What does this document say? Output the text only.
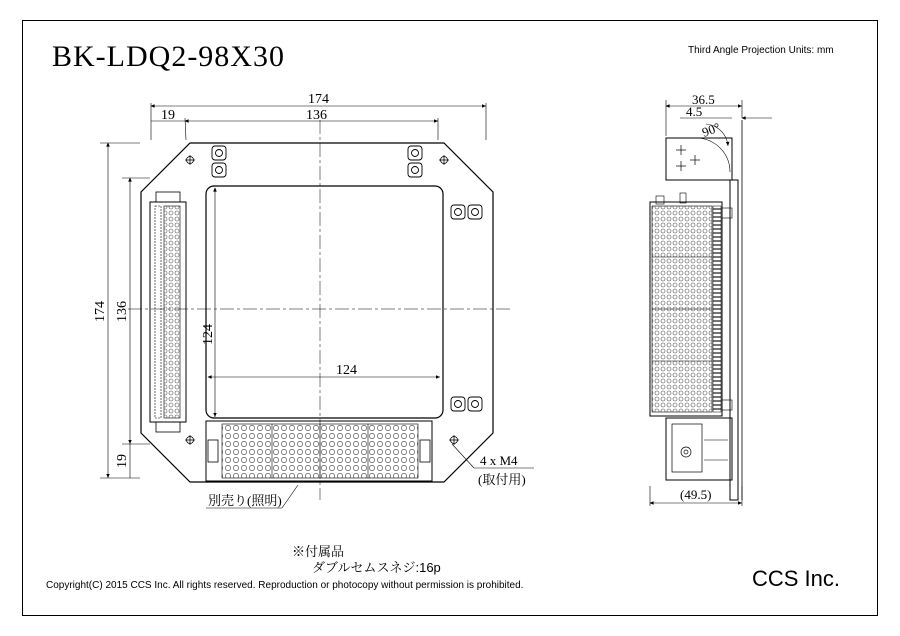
BK-LDQ2-98X30	Third Angle Projection Units: mm
174
136
19
174 136
124
124
19	4 x M4
(取付用)
別売り(照明)
36.5
4.5
90°
(49.5)
※付属品
ダブルセムスネジ:16p
Copyright(C) 2015 CCS Inc. All rights reserved. Reproduction or photocopy without permission is prohibited.	CCS Inc.
